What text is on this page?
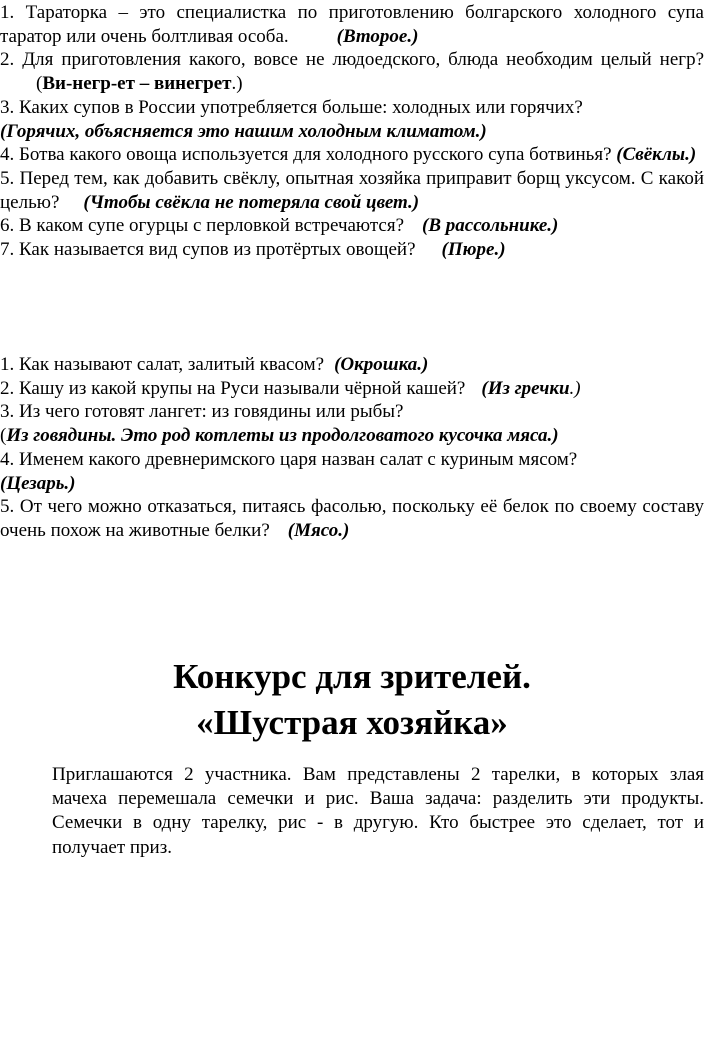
1. Тараторка – это специалистка по приготовлению болгарского холодного супа таратор или очень болтливая особа.	(Второе.)

2. Для приготовления какого, вовсе не людоедского, блюда необходим целый негр?(Ви-негр-ет – винегрет.)

3. Каких супов в России употребляется больше: холодных или горячих?
(Горячих, объясняется это нашим холодным климатом.)

4. Ботва какого овоща используется для холодного русского супа ботвинья? (Свёклы.)

5. Перед тем, как добавить свёклу, опытная хозяйка приправит борщ уксусом. С какой целью? (Чтобы свёкла не потеряла свой цвет.)

6. В каком супе огурцы с перловкой встречаются? (В рассольнике.)

7. Как называется вид супов из протёртых овощей? (Пюре.)

1. Как называют салат, залитый квасом? (Окрошка.)

2. Кашу из какой крупы на Руси называли чёрной кашей? (Из гречки.)

3. Из чего готовят лангет: из говядины или рыбы?
(Из говядины. Это род котлеты из продолговатого кусочка мяса.)

4. Именем какого древнеримского царя назван салат с куриным мясом?
(Цезарь.)

5. От чего можно отказаться, питаясь фасолью, поскольку её белок по своему составу очень похож на животные белки? (Мясо.)

Конкурс для зрителей.
«Шустрая хозяйка»

Приглашаются 2 участника. Вам представлены 2 тарелки, в которых злая мачеха перемешала семечки и рис. Ваша задача: разделить эти продукты. Семечки в одну тарелку, рис - в другую. Кто быстрее это сделает, тот и получает приз.
